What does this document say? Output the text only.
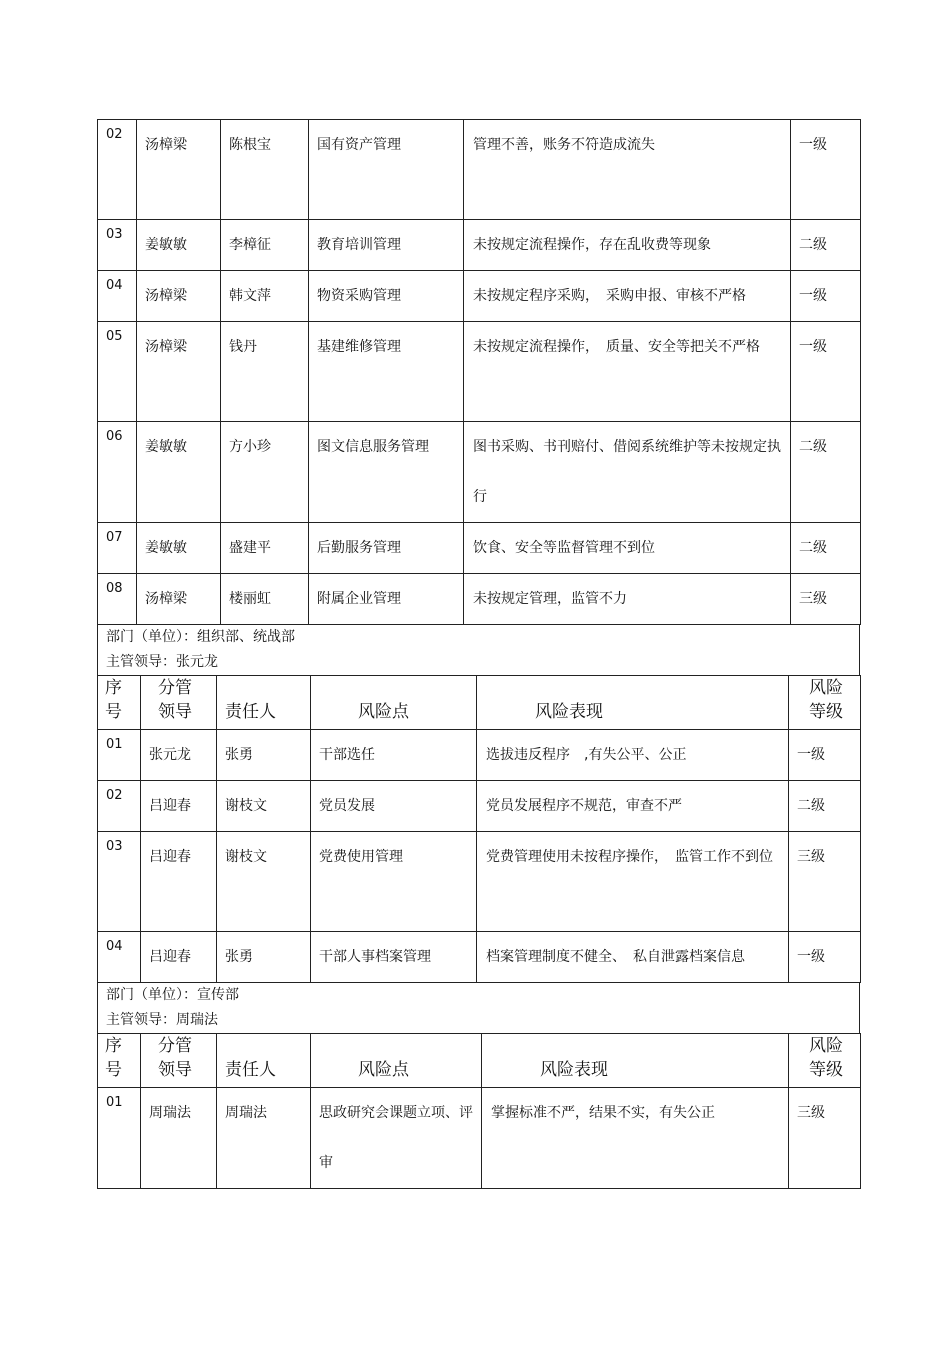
02	汤樟梁	陈根宝	国有资产管理	管理不善，账务不符造成流失	一级
03	姜敏敏	李樟征	教育培训管理	未按规定流程操作，存在乱收费等现象	二级
04	汤樟梁	韩文萍	物资采购管理	未按规定程序采购，　采购申报、审核不严格	一级
05	汤樟梁	钱丹	基建维修管理	未按规定流程操作，　质量、安全等把关不严格	一级
06	姜敏敏	方小珍	图文信息服务管理	图书采购、书刊赔付、借阅系统维护等未按规定执行	二级
07	姜敏敏	盛建平	后勤服务管理	饮食、安全等监督管理不到位	二级
08	汤樟梁	楼丽虹	附属企业管理	未按规定管理，监管不力	三级
部门（单位）：组织部、统战部
主管领导：张元龙
序号	分管领导	责任人	风险点	风险表现	风险等级

01	张元龙	张勇	干部选任	选拔违反程序　,有失公平、公正	一级
02	吕迎春	谢枝文	党员发展	党员发展程序不规范，审查不严	二级
03	吕迎春	谢枝文	党费使用管理	党费管理使用未按程序操作，　监管工作不到位	三级
04	吕迎春	张勇	干部人事档案管理	档案管理制度不健全、　私自泄露档案信息	一级
部门（单位）：宣传部
主管领导：周瑞法
序号	分管领导	责任人	风险点	风险表现	风险等级

01	周瑞法	周瑞法	思政研究会课题立项、评审	掌握标准不严，结果不实，有失公正	三级
